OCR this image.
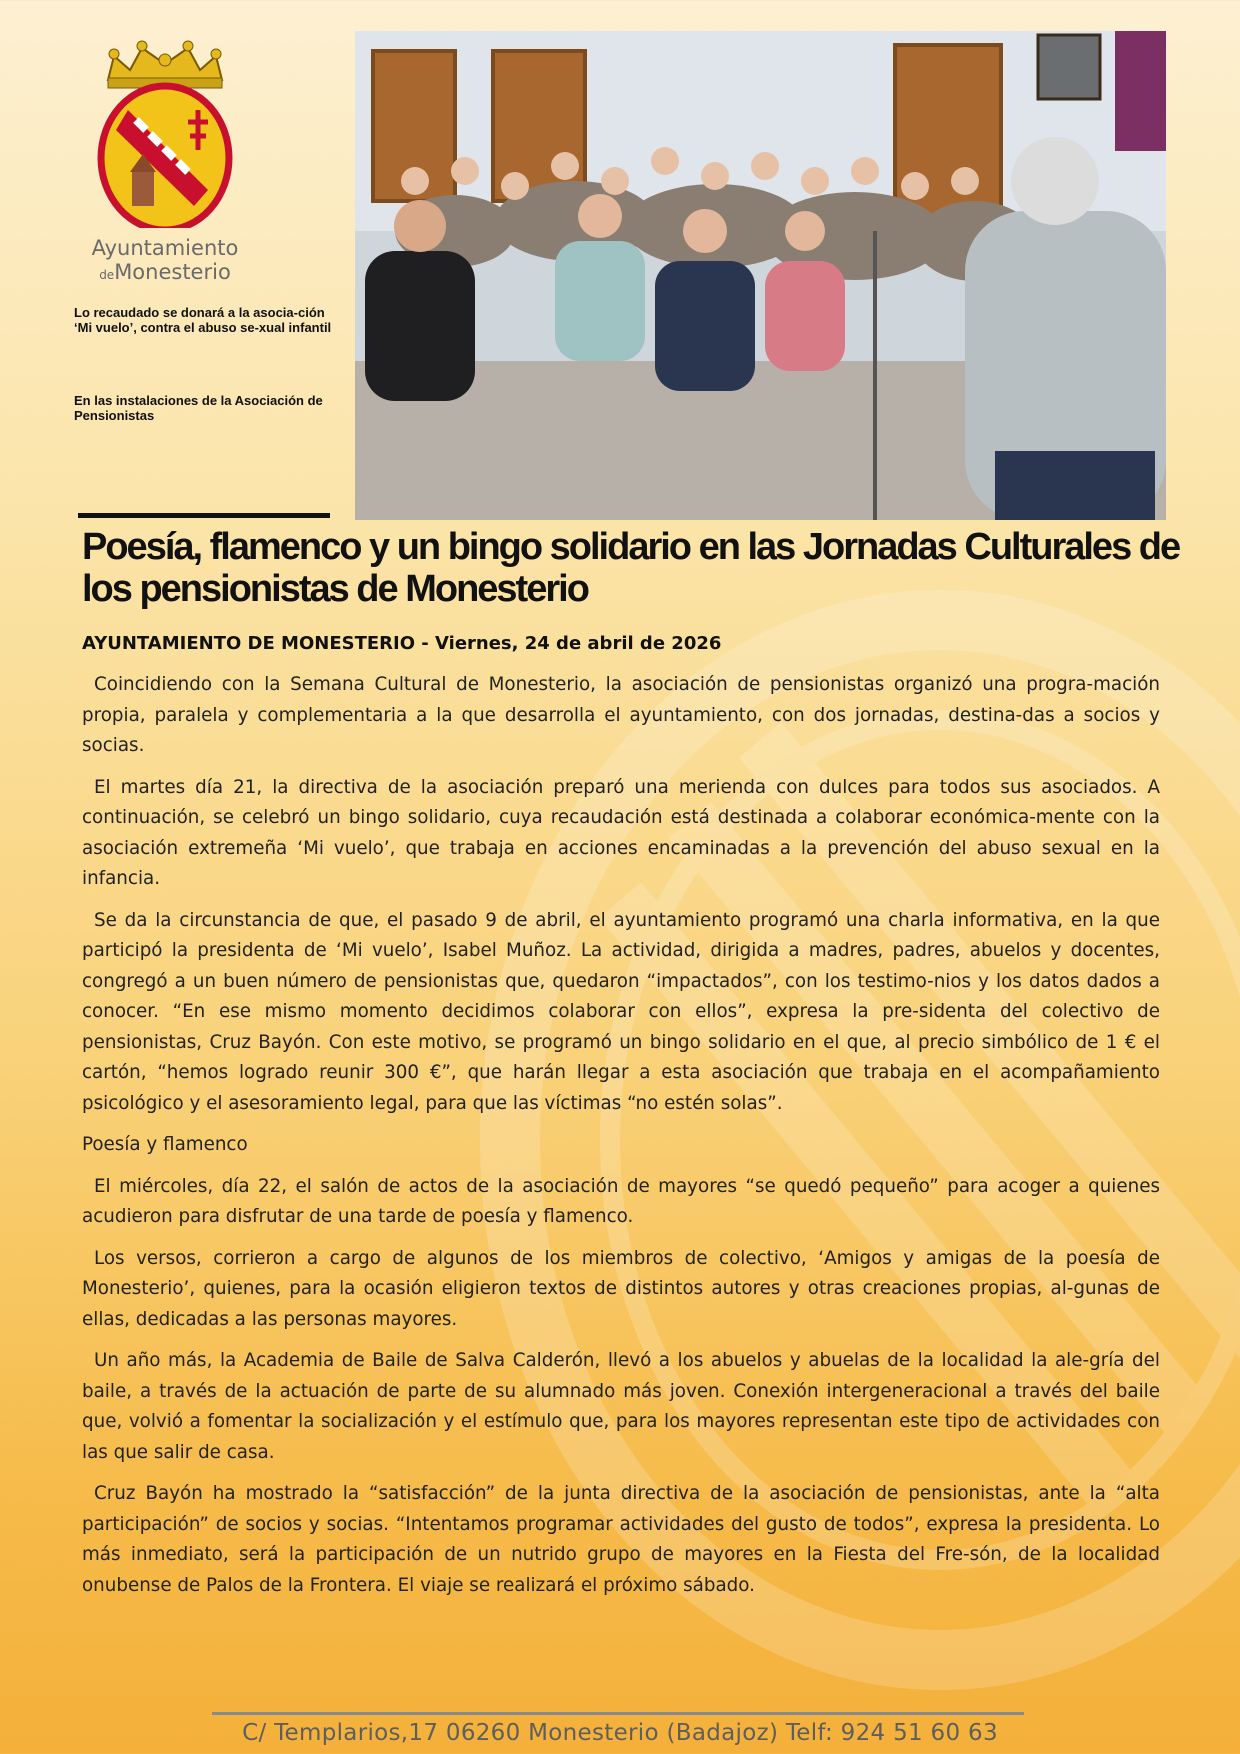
Ayuntamiento
deMonesterio
Lo recaudado se donará a la asocia-ción ‘Mi vuelo’, contra el abuso se-xual infantil
En las instalaciones de la Asociación de Pensionistas
Poesía, flamenco y un bingo solidario en las Jornadas Culturales de los pensionistas de Monesterio
AYUNTAMIENTO DE MONESTERIO - Viernes, 24 de abril de 2026

Coincidiendo con la Semana Cultural de Monesterio, la asociación de pensionistas organizó una progra-mación propia, paralela y complementaria a la que desarrolla el ayuntamiento, con dos jornadas, destina-das a socios y socias.

El martes día 21, la directiva de la asociación preparó una merienda con dulces para todos sus asociados. A continuación, se celebró un bingo solidario, cuya recaudación está destinada a colaborar económica-mente con la asociación extremeña ‘Mi vuelo’, que trabaja en acciones encaminadas a la prevención del abuso sexual en la infancia.

Se da la circunstancia de que, el pasado 9 de abril, el ayuntamiento programó una charla informativa, en la que participó la presidenta de ‘Mi vuelo’, Isabel Muñoz. La actividad, dirigida a madres, padres, abuelos y docentes, congregó a un buen número de pensionistas que, quedaron “impactados”, con los testimo-nios y los datos dados a conocer. “En ese mismo momento decidimos colaborar con ellos”, expresa la pre-sidenta del colectivo de pensionistas, Cruz Bayón. Con este motivo, se programó un bingo solidario en el que, al precio simbólico de 1 € el cartón, “hemos logrado reunir 300 €”, que harán llegar a esta asociación que trabaja en el acompañamiento psicológico y el asesoramiento legal, para que las víctimas “no estén solas”.

Poesía y flamenco

El miércoles, día 22, el salón de actos de la asociación de mayores “se quedó pequeño” para acoger a quienes acudieron para disfrutar de una tarde de poesía y flamenco.

Los versos, corrieron a cargo de algunos de los miembros de colectivo, ‘Amigos y amigas de la poesía de Monesterio’, quienes, para la ocasión eligieron textos de distintos autores y otras creaciones propias, al-gunas de ellas, dedicadas a las personas mayores.

Un año más, la Academia de Baile de Salva Calderón, llevó a los abuelos y abuelas de la localidad la ale-gría del baile, a través de la actuación de parte de su alumnado más joven. Conexión intergeneracional a través del baile que, volvió a fomentar la socialización y el estímulo que, para los mayores representan este tipo de actividades con las que salir de casa.

Cruz Bayón ha mostrado la “satisfacción” de la junta directiva de la asociación de pensionistas, ante la “alta participación” de socios y socias. “Intentamos programar actividades del gusto de todos”, expresa la presidenta. Lo más inmediato, será la participación de un nutrido grupo de mayores en la Fiesta del Fre-són, de la localidad onubense de Palos de la Frontera. El viaje se realizará el próximo sábado.

C/ Templarios,17 06260 Monesterio (Badajoz) Telf: 924 51 60 63
